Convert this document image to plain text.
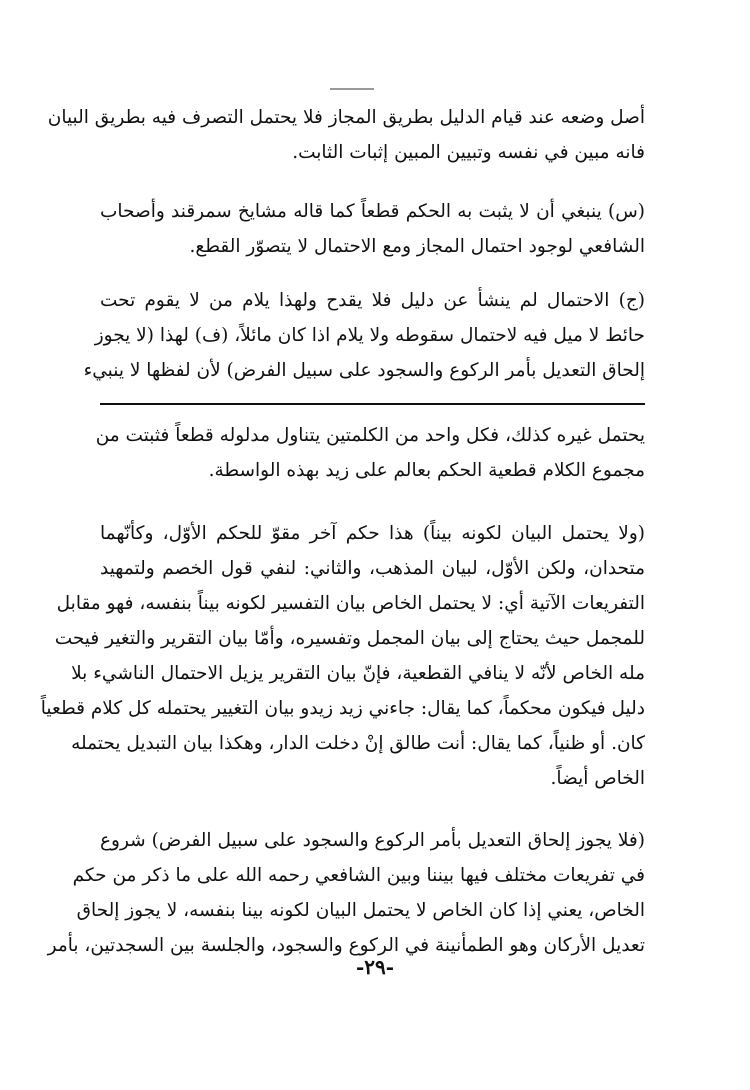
أصل وضعه عند قيام الدليل بطريق المجاز فلا يحتمل التصرف فيه بطريق البيان
فانه مبين في نفسه وتبيين المبين إثبات الثابت.
(س) ينبغي أن لا يثبت به الحكم قطعاً كما قاله مشايخ سمرقند وأصحاب
الشافعي لوجود احتمال المجاز ومع الاحتمال لا يتصوّر القطع.
(ج) الاحتمال لم ينشأ عن دليل فلا يقدح ولهذا يلام من لا يقوم تحت
حائط لا ميل فيه لاحتمال سقوطه ولا يلام اذا كان مائلاً، (ف) لهذا (لا يجوز
إلحاق التعديل بأمر الركوع والسجود على سبيل الفرض) لأن لفظها لا ينبيء
يحتمل غيره كذلك، فكل واحد من الكلمتين يتناول مدلوله قطعاً فثبتت من
مجموع الكلام قطعية الحكم بعالم على زيد بهذه الواسطة.
(ولا يحتمل البيان لكونه بيناً) هذا حكم آخر مقوّ للحكم الأوّل، وكأنّهما
متحدان، ولكن الأوّل، لبيان المذهب، والثاني: لنفي قول الخصم ولتمهيد
التفريعات الآتية أي: لا يحتمل الخاص بيان التفسير لكونه بيناً بنفسه، فهو مقابل
للمجمل حيث يحتاج إلى بيان المجمل وتفسيره، وأمّا بيان التقرير والتغير فيحت
مله الخاص لأنّه لا ينافي القطعية، فإنّ بيان التقرير يزيل الاحتمال الناشيء بلا
دليل فيكون محكماً، كما يقال: جاءني زيد زيدو بيان التغيير يحتمله كل كلام قطعياً
كان. أو ظنياً، كما يقال: أنت طالق إنْ دخلت الدار، وهكذا بيان التبديل يحتمله
الخاص أيضاً.
(فلا يجوز إلحاق التعديل بأمر الركوع والسجود على سبيل الفرض) شروع
في تفريعات مختلف فيها بيننا وبين الشافعي رحمه الله على ما ذكر من حكم
الخاص، يعني إذا كان الخاص لا يحتمل البيان لكونه بينا بنفسه، لا يجوز إلحاق
تعديل الأركان وهو الطمأنينة في الركوع والسجود، والجلسة بين السجدتين، بأمر
-٢٩-
